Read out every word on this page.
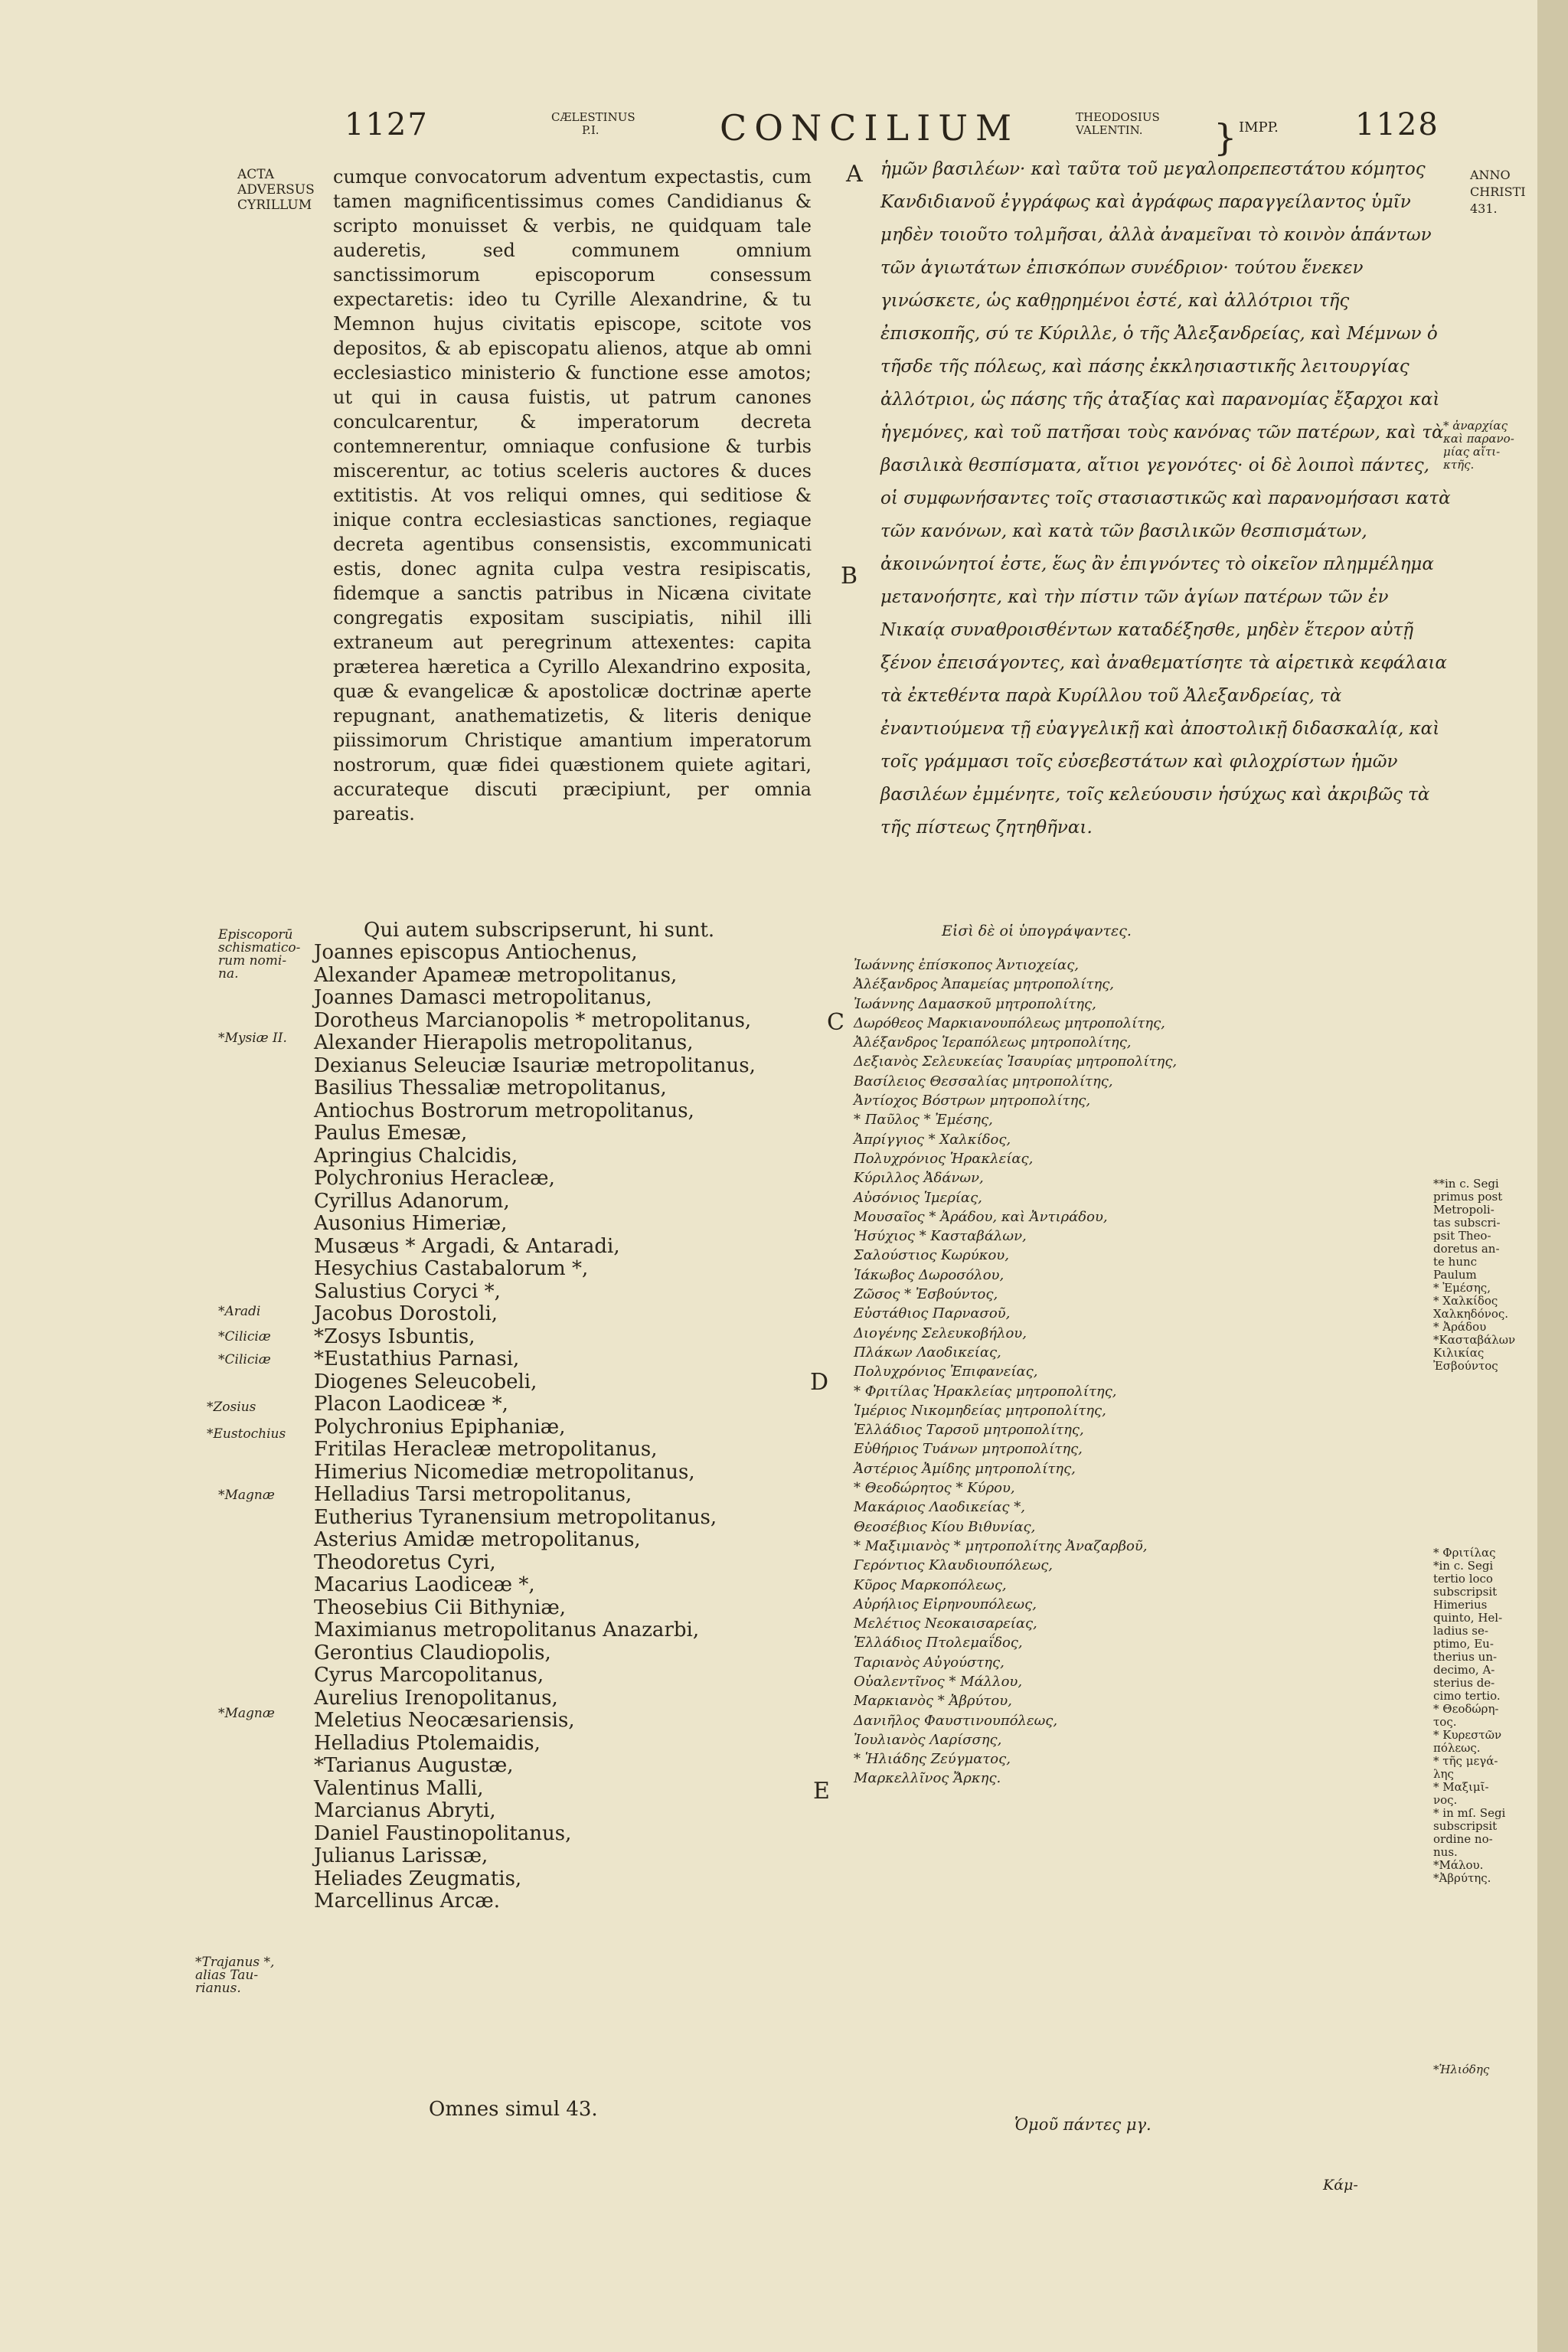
1127	CÆLESTINUS
P.I.	CONCILIUM	THEODOSIUS
VALENTIN.	} IMPP.	1128
ACTA
ADVERSUS
CYRILLUM
ANNO
CHRISTI
431.

cumque convocatorum adventum expectastis, cum tamen magnificentissimus comes Candidianus & scripto monuisset & verbis, ne quidquam tale auderetis, sed communem omnium sanctissimorum episcoporum consessum expectaretis: ideo tu Cyrille Alexandrine, & tu Memnon hujus civitatis episcope, scitote vos depositos, & ab episcopatu alienos, atque ab omni ecclesiastico ministerio & functione esse amotos; ut qui in causa fuistis, ut patrum canones conculcarentur, & imperatorum decreta contemnerentur, omniaque confusione & turbis miscerentur, ac totius sceleris auctores & duces extitistis. At vos reliqui omnes, qui seditiose & inique contra ecclesiasticas sanctiones, regiaque decreta agentibus consensistis, excommunicati estis, donec agnita culpa vestra resipiscatis, fidemque a sanctis patribus in Nicæna civitate congregatis expositam suscipiatis, nihil illi extraneum aut peregrinum attexentes: capita præterea hæretica a Cyrillo Alexandrino exposita, quæ & evangelicæ & apostolicæ doctrinæ aperte repugnant, anathematizetis, & literis denique piissimorum Christique amantium imperatorum nostrorum, quæ fidei quæstionem quiete agitari, accurateque discuti præcipiunt, per omnia pareatis.

ἡμῶν βασιλέων· καὶ ταῦτα τοῦ μεγαλοπρεπεστάτου κόμητος Κανδιδιανοῦ ἐγγράφως καὶ ἀγράφως παραγγείλαντος ὑμῖν μηδὲν τοιοῦτο τολμῆσαι, ἀλλὰ ἀναμεῖναι τὸ κοινὸν ἁπάντων τῶν ἁγιωτάτων ἐπισκόπων συνέδριον· τούτου ἕνεκεν γινώσκετε, ὡς καθῃρημένοι ἐστέ, καὶ ἀλλότριοι τῆς ἐπισκοπῆς, σύ τε Κύριλλε, ὁ τῆς Ἀλεξανδρείας, καὶ Μέμνων ὁ τῆσδε τῆς πόλεως, καὶ πάσης ἐκκλησιαστικῆς λειτουργίας ἀλλότριοι, ὡς πάσης τῆς ἀταξίας καὶ παρανομίας ἔξαρχοι καὶ ἡγεμόνες, καὶ τοῦ πατῆσαι τοὺς κανόνας τῶν πατέρων, καὶ τὰ βασιλικὰ θεσπίσματα, αἴτιοι γεγονότες· οἱ δὲ λοιποὶ πάντες, οἱ συμφωνήσαντες τοῖς στασιαστικῶς καὶ παρανομήσασι κατὰ τῶν κανόνων, καὶ κατὰ τῶν βασιλικῶν θεσπισμάτων, ἀκοινώνητοί ἐστε, ἕως ἂν ἐπιγνόντες τὸ οἰκεῖον πλημμέλημα μετανοήσητε, καὶ τὴν πίστιν τῶν ἁγίων πατέρων τῶν ἐν Νικαίᾳ συναθροισθέντων καταδέξησθε, μηδὲν ἕτερον αὐτῇ ξένον ἐπεισάγοντες, καὶ ἀναθεματίσητε τὰ αἱρετικὰ κεφάλαια τὰ ἐκτεθέντα παρὰ Κυρίλλου τοῦ Ἀλεξανδρείας, τὰ ἐναντιούμενα τῇ εὐαγγελικῇ καὶ ἀποστολικῇ διδασκαλίᾳ, καὶ τοῖς γράμμασι τοῖς εὐσεβεστάτων καὶ φιλοχρίστων ἡμῶν βασιλέων ἐμμένητε, τοῖς κελεύουσιν ἡσύχως καὶ ἀκριβῶς τὰ τῆς πίστεως ζητηθῆναι.

A
B
C
D
E
Qui autem subscripserunt, hi sunt.
Joannes episcopus Antiochenus,
Alexander Apameæ metropolitanus,
Joannes Damasci metropolitanus,
Dorotheus Marcianopolis * metropolitanus,
Alexander Hierapolis metropolitanus,
Dexianus Seleuciæ Isauriæ metropolitanus,
Basilius Thessaliæ metropolitanus,
Antiochus Bostrorum metropolitanus,
Paulus Emesæ,
Apringius Chalcidis,
Polychronius Heracleæ,
Cyrillus Adanorum,
Ausonius Himeriæ,
Musæus * Argadi, & Antaradi,
Hesychius Castabalorum *,
Salustius Coryci *,
Jacobus Dorostoli,
*Zosys Isbuntis,
*Eustathius Parnasi,
Diogenes Seleucobeli,
Placon Laodiceæ *,
Polychronius Epiphaniæ,
Fritilas Heracleæ metropolitanus,
Himerius Nicomediæ metropolitanus,
Helladius Tarsi metropolitanus,
Eutherius Tyranensium metropolitanus,
Asterius Amidæ metropolitanus,
Theodoretus Cyri,
Macarius Laodiceæ *,
Theosebius Cii Bithyniæ,
Maximianus metropolitanus Anazarbi,
Gerontius Claudiopolis,
Cyrus Marcopolitanus,
Aurelius Irenopolitanus,
Meletius Neocæsariensis,
Helladius Ptolemaidis,
*Tarianus Augustæ,
Valentinus Malli,
Marcianus Abryti,
Daniel Faustinopolitanus,
Julianus Larissæ,
Heliades Zeugmatis,
Marcellinus Arcæ.
Omnes simul 43.
Εἰσὶ δὲ οἱ ὑπογράψαντες.
Ἰωάννης ἐπίσκοπος Ἀντιοχείας,
Ἀλέξανδρος Ἀπαμείας μητροπολίτης,
Ἰωάννης Δαμασκοῦ μητροπολίτης,
Δωρόθεος Μαρκιανουπόλεως μητροπολίτης,
Ἀλέξανδρος Ἱεραπόλεως μητροπολίτης,
Δεξιανὸς Σελευκείας Ἰσαυρίας μητροπολίτης,
Βασίλειος Θεσσαλίας μητροπολίτης,
Ἀντίοχος Βόστρων μητροπολίτης,
* Παῦλος * Ἐμέσης,
Ἀπρίγγιος * Χαλκίδος,
Πολυχρόνιος Ἡρακλείας,
Κύριλλος Ἀδάνων,
Αὐσόνιος Ἱμερίας,
Μουσαῖος * Ἀράδου, καὶ Ἀντιράδου,
Ἡσύχιος * Κασταβάλων,
Σαλούστιος Κωρύκου,
Ἰάκωβος Δωροσόλου,
Ζῶσος * Ἐσβούντος,
Εὐστάθιος Παρνασοῦ,
Διογένης Σελευκοβήλου,
Πλάκων Λαοδικείας,
Πολυχρόνιος Ἐπιφανείας,
* Φριτίλας Ἡρακλείας μητροπολίτης,
Ἱμέριος Νικομηδείας μητροπολίτης,
Ἑλλάδιος Ταρσοῦ μητροπολίτης,
Εὐθήριος Τυάνων μητροπολίτης,
Ἀστέριος Ἀμίδης μητροπολίτης,
* Θεοδώρητος * Κύρου,
Μακάριος Λαοδικείας *,
Θεοσέβιος Κίου Βιθυνίας,
* Μαξιμιανὸς * μητροπολίτης Ἀναζαρβοῦ,
Γερόντιος Κλαυδιουπόλεως,
Κῦρος Μαρκοπόλεως,
Αὐρήλιος Εἰρηνουπόλεως,
Μελέτιος Νεοκαισαρείας,
Ἑλλάδιος Πτολεμαΐδος,
Ταριανὸς Αὐγούστης,
Οὐαλεντῖνος * Μάλλου,
Μαρκιανὸς * Ἀβρύτου,
Δανιῆλος Φαυστινουπόλεως,
Ἰουλιανὸς Λαρίσσης,
* Ἡλιάδης Ζεύγματος,
Μαρκελλῖνος Ἄρκης.
Ὁμοῦ πάντες μγ.
Κάμ-
Episcoporū
schismatico-
rum nomi-
na.
*Mysiæ II.
*Aradi
*Ciliciæ
*Ciliciæ
*Zosius
*Eustochius
*Magnæ
*Magnæ
*Trajanus *,
alias Tau-
rianus.
* ἀναρχίας
καὶ παρανο-
μίας αἴτι-
κτῆς.
**in c. Segi
primus post
Metropoli-
tas subscri-
psit Theo-
doretus an-
te hunc
Paulum
* Ἐμέσης,
* Χαλκίδος
Χαλκηδόνος.
* Ἀράδου
*Κασταβάλων
Κιλικίας
Ἐσβούντος
* Φριτίλας
*in c. Segi
tertio loco
subscripsit
Himerius
quinto, Hel-
ladius se-
ptimo, Eu-
therius un-
decimo, A-
sterius de-
cimo tertio.
* Θεοδώρη-
τος.
* Κυρεστῶν
πόλεως.
* τῆς μεγά-
λης
* Μαξιμῖ-
νος.
* in mſ. Segi
subscripsit
ordine no-
nus.
*Μάλου.
*Ἀβρύτης.
*Ἡλιόδης
